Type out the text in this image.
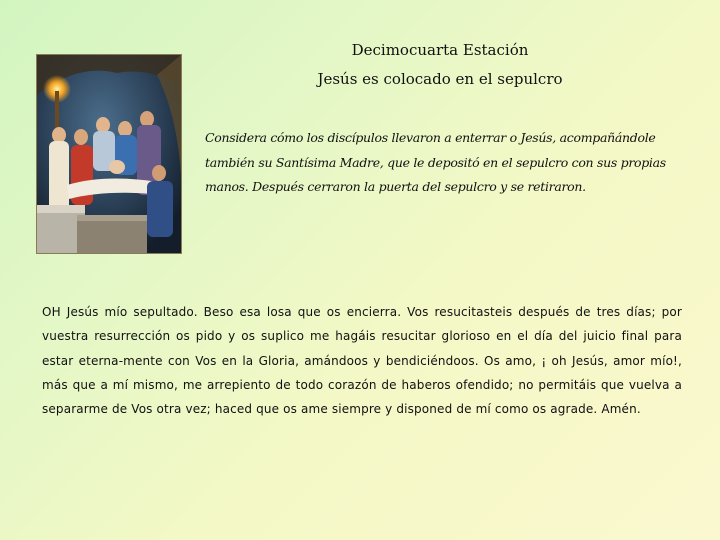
Decimocuarta Estación
Jesús es colocado en el sepulcro
Considera cómo los discípulos llevaron a enterrar o Jesús, acompañándole también su Santísima Madre, que le depositó en el sepulcro con sus propias manos. Después cerraron la puerta del sepulcro y se retiraron.
OH Jesús mío sepultado. Beso esa losa que os encierra. Vos resucitasteis después de tres días; por vuestra resurrección os pido y os suplico me hagáis resucitar glorioso en el día del juicio final para estar eterna-mente con Vos en la Gloria, amándoos y bendiciéndoos. Os amo, ¡ oh Jesús, amor mío!, más que a mí mismo, me arrepiento de todo corazón de haberos ofendido; no permitáis que vuelva a separarme de Vos otra vez; haced que os ame siempre y disponed de mí como os agrade. Amén.
